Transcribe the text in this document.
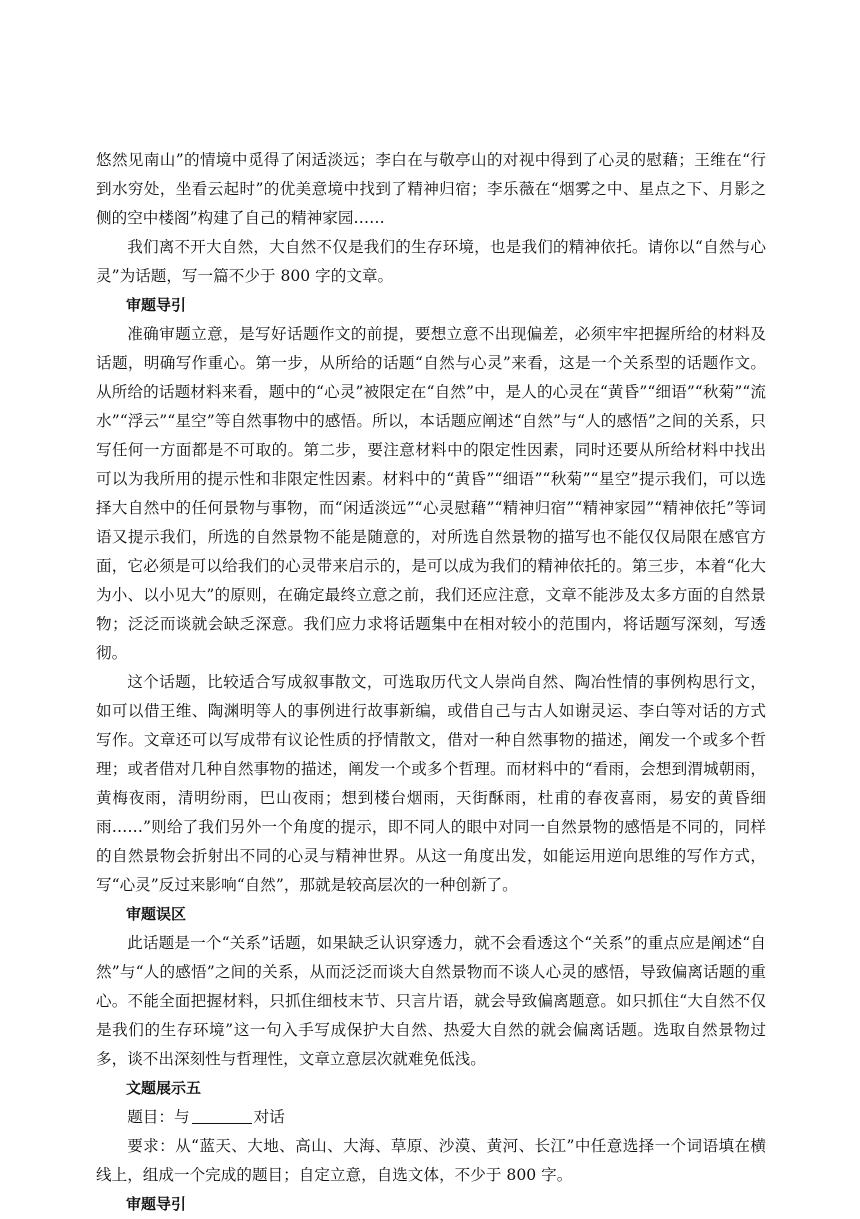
悠然见南山”的情境中觅得了闲适淡远；李白在与敬亭山的对视中得到了心灵的慰藉；王维在“行到水穷处，坐看云起时”的优美意境中找到了精神归宿；李乐薇在“烟雾之中、星点之下、月影之侧的空中楼阁”构建了自己的精神家园……

我们离不开大自然，大自然不仅是我们的生存环境，也是我们的精神依托。请你以“自然与心灵”为话题，写一篇不少于 800 字的文章。

审题导引

准确审题立意，是写好话题作文的前提，要想立意不出现偏差，必须牢牢把握所给的材料及话题，明确写作重心。第一步，从所给的话题“自然与心灵”来看，这是一个关系型的话题作文。从所给的话题材料来看，题中的“心灵”被限定在“自然”中，是人的心灵在“黄昏”“细语”“秋菊”“流水”“浮云”“星空”等自然事物中的感悟。所以，本话题应阐述“自然”与“人的感悟”之间的关系，只写任何一方面都是不可取的。第二步，要注意材料中的限定性因素，同时还要从所给材料中找出可以为我所用的提示性和非限定性因素。材料中的“黄昏”“细语”“秋菊”“星空”提示我们，可以选择大自然中的任何景物与事物，而“闲适淡远”“心灵慰藉”“精神归宿”“精神家园”“精神依托”等词语又提示我们，所选的自然景物不能是随意的，对所选自然景物的描写也不能仅仅局限在感官方面，它必须是可以给我们的心灵带来启示的，是可以成为我们的精神依托的。第三步，本着“化大为小、以小见大”的原则，在确定最终立意之前，我们还应注意，文章不能涉及太多方面的自然景物；泛泛而谈就会缺乏深意。我们应力求将话题集中在相对较小的范围内，将话题写深刻，写透彻。

这个话题，比较适合写成叙事散文，可选取历代文人崇尚自然、陶冶性情的事例构思行文，如可以借王维、陶渊明等人的事例进行故事新编，或借自己与古人如谢灵运、李白等对话的方式写作。文章还可以写成带有议论性质的抒情散文，借对一种自然事物的描述，阐发一个或多个哲理；或者借对几种自然事物的描述，阐发一个或多个哲理。而材料中的“看雨，会想到渭城朝雨，黄梅夜雨，清明纷雨，巴山夜雨；想到楼台烟雨，天街酥雨，杜甫的春夜喜雨，易安的黄昏细雨……”则给了我们另外一个角度的提示，即不同人的眼中对同一自然景物的感悟是不同的，同样的自然景物会折射出不同的心灵与精神世界。从这一角度出发，如能运用逆向思维的写作方式，写“心灵”反过来影响“自然”，那就是较高层次的一种创新了。

审题误区

此话题是一个“关系”话题，如果缺乏认识穿透力，就不会看透这个“关系”的重点应是阐述“自然”与“人的感悟”之间的关系，从而泛泛而谈大自然景物而不谈人心灵的感悟，导致偏离话题的重心。不能全面把握材料，只抓住细枝末节、只言片语，就会导致偏离题意。如只抓住“大自然不仅是我们的生存环境”这一句入手写成保护大自然、热爱大自然的就会偏离话题。选取自然景物过多，谈不出深刻性与哲理性，文章立意层次就难免低浅。

文题展示五

题目：与	对话

要求：从“蓝天、大地、高山、大海、草原、沙漠、黄河、长江”中任意选择一个词语填在横线上，组成一个完成的题目；自定立意，自选文体，不少于 800 字。

审题导引
